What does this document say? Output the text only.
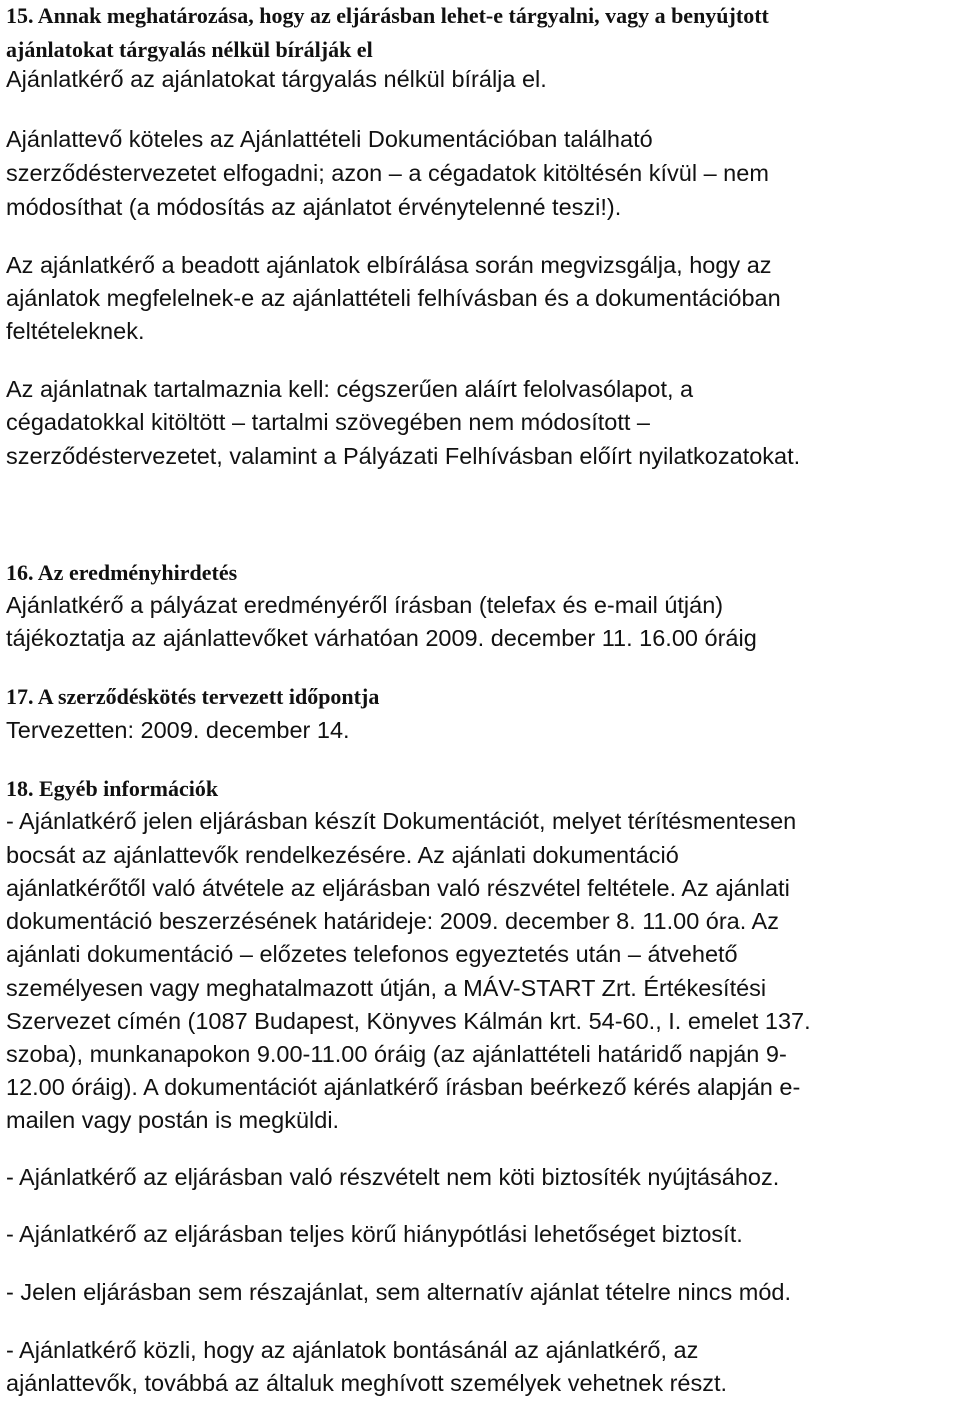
15. Annak meghatározása, hogy az eljárásban lehet-e tárgyalni, vagy a benyújtott
ajánlatokat tárgyalás nélkül bírálják el
Ajánlatkérő az ajánlatokat tárgyalás nélkül bírálja el.
Ajánlattevő köteles az Ajánlattételi Dokumentációban található
szerződéstervezetet elfogadni; azon – a cégadatok kitöltésén kívül – nem
módosíthat (a módosítás az ajánlatot érvénytelenné teszi!).
Az ajánlatkérő a beadott ajánlatok elbírálása során megvizsgálja, hogy az
ajánlatok megfelelnek-e az ajánlattételi felhívásban és a dokumentációban
feltételeknek.
Az ajánlatnak tartalmaznia kell: cégszerűen aláírt felolvasólapot, a
cégadatokkal kitöltött – tartalmi szövegében nem módosított –
szerződéstervezetet, valamint a Pályázati Felhívásban előírt nyilatkozatokat.
16. Az eredményhirdetés
Ajánlatkérő a pályázat eredményéről írásban (telefax és e-mail útján)
tájékoztatja az ajánlattevőket várhatóan 2009. december 11. 16.00 óráig
17. A szerződéskötés tervezett időpontja
Tervezetten: 2009. december 14.
18. Egyéb információk
- Ajánlatkérő jelen eljárásban készít Dokumentációt, melyet térítésmentesen
bocsát az ajánlattevők rendelkezésére. Az ajánlati dokumentáció
ajánlatkérőtől való átvétele az eljárásban való részvétel feltétele. Az ajánlati
dokumentáció beszerzésének határideje: 2009. december 8. 11.00 óra. Az
ajánlati dokumentáció – előzetes telefonos egyeztetés után – átvehető
személyesen vagy meghatalmazott útján, a MÁV-START Zrt. Értékesítési
Szervezet címén (1087 Budapest, Könyves Kálmán krt. 54-60., I. emelet 137.
szoba), munkanapokon 9.00-11.00 óráig (az ajánlattételi határidő napján 9-
12.00 óráig). A dokumentációt ajánlatkérő írásban beérkező kérés alapján e-
mailen vagy postán is megküldi.
- Ajánlatkérő az eljárásban való részvételt nem köti biztosíték nyújtásához.
- Ajánlatkérő az eljárásban teljes körű hiánypótlási lehetőséget biztosít.
- Jelen eljárásban sem részajánlat, sem alternatív ajánlat tételre nincs mód.
- Ajánlatkérő közli, hogy az ajánlatok bontásánál az ajánlatkérő, az
ajánlattevők, továbbá az általuk meghívott személyek vehetnek részt.
